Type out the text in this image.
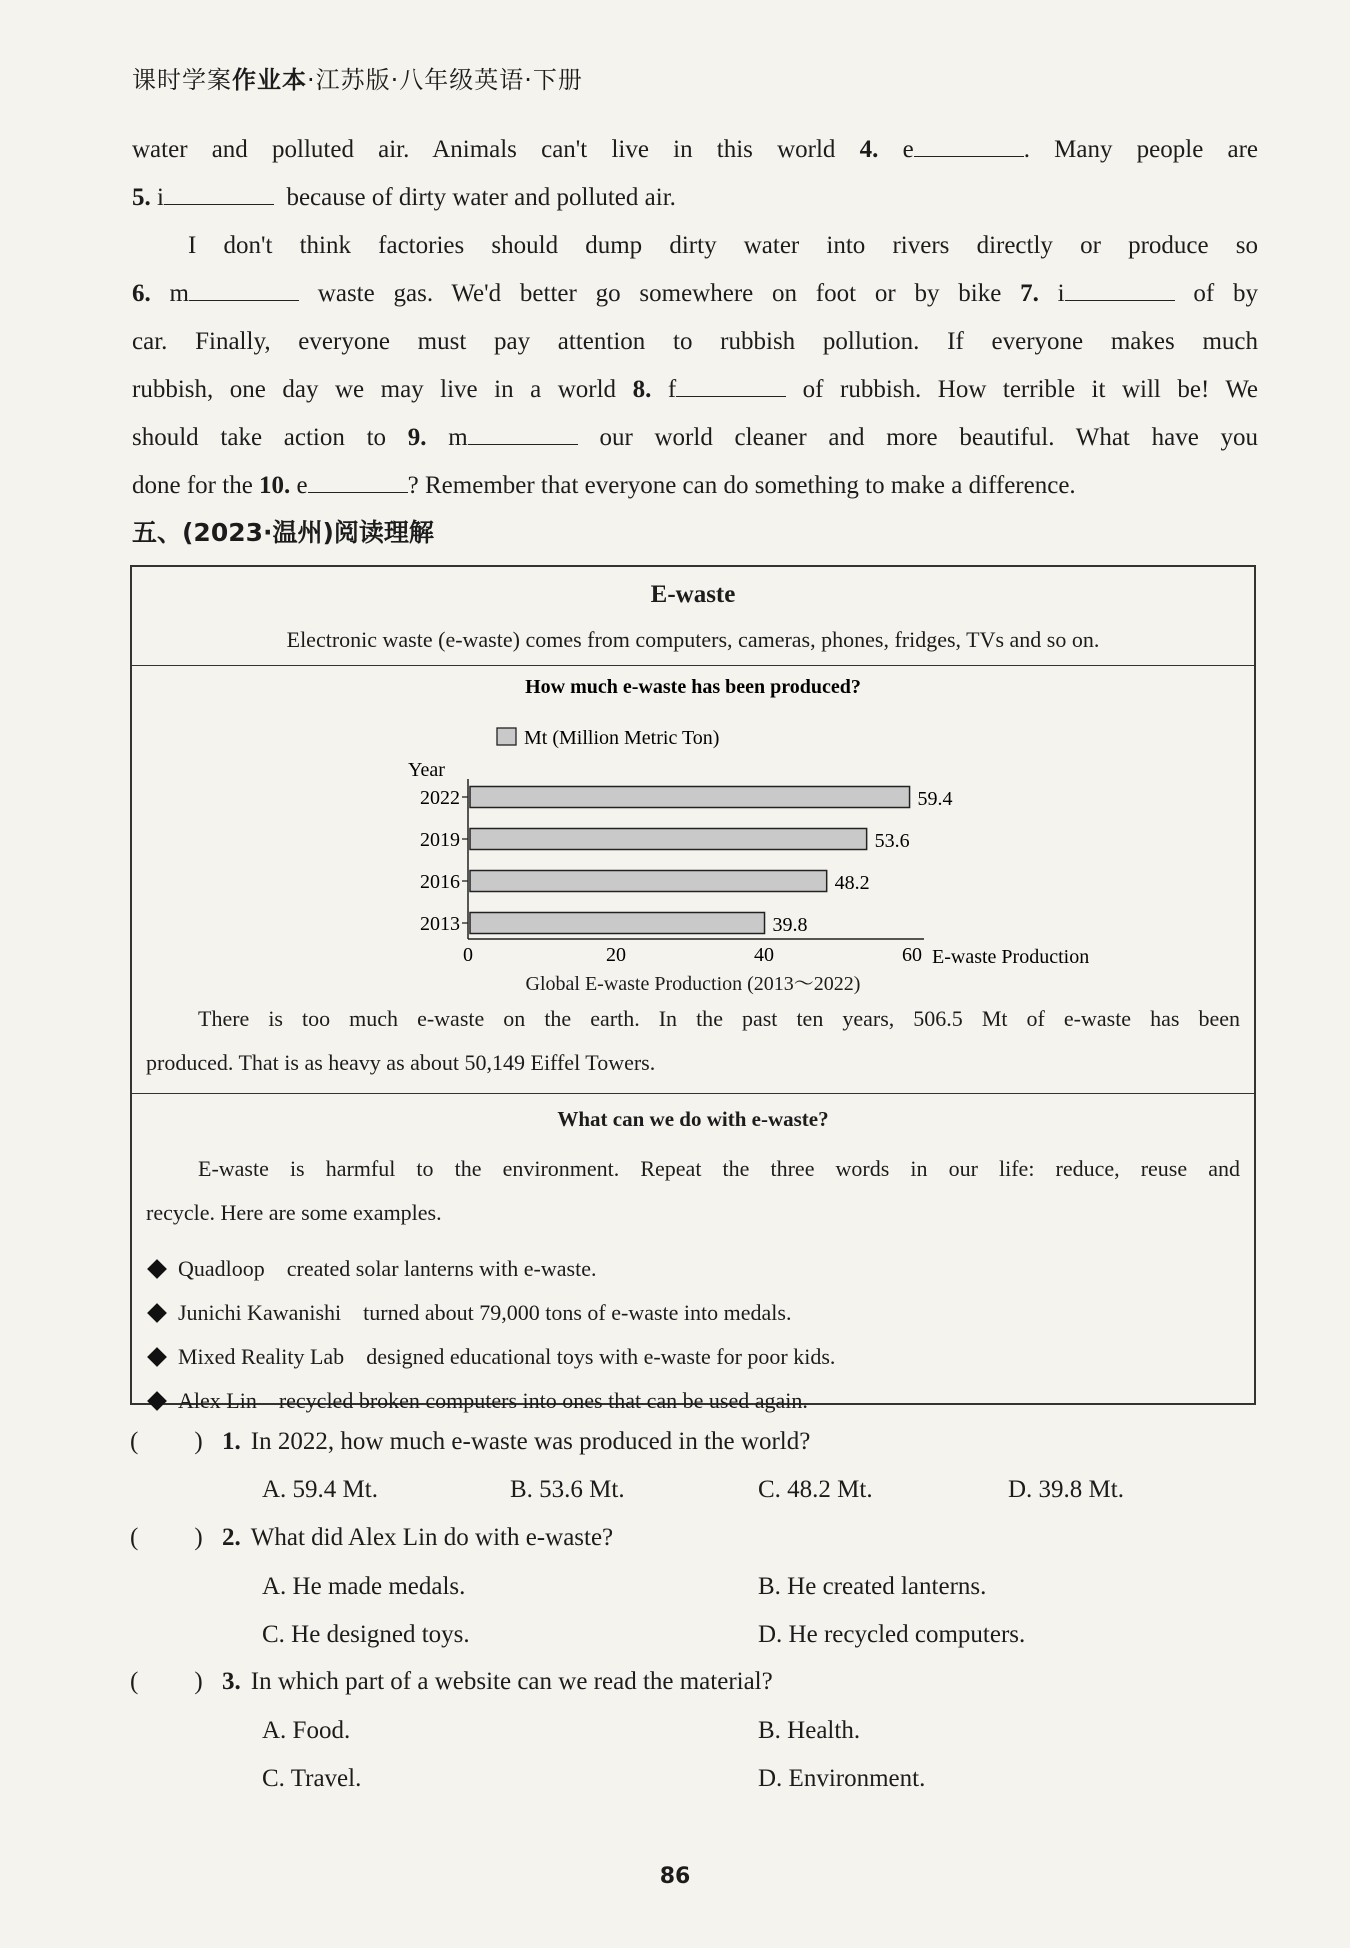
课时学案作业本·江苏版·八年级英语·下册
water and polluted air. Animals can't live in this world 4. e	. Many people are
5. i	because of dirty water and polluted air.
I don't think factories should dump dirty water into rivers directly or produce so
6. m	waste gas. We'd better go somewhere on foot or by bike 7. i	of by
car. Finally, everyone must pay attention to rubbish pollution. If everyone makes much
rubbish, one day we may live in a world 8. f	of rubbish. How terrible it will be! We
should take action to 9. m	our world cleaner and more beautiful. What have you
done for the 10. e	? Remember that everyone can do something to make a difference.
五、(2023·温州)阅读理解
E-waste
Electronic waste (e-waste) comes from computers, cameras, phones, fridges, TVs and so on.
How much e-waste has been produced?
Mt (Million Metric Ton)
Year
2022	59.4
2019	53.6
2016	48.2
2013	39.8
0	20	40	60 E-waste Production
There is too much e-waste on the earth. In the past ten years, 506.5 Mt of e-waste has been
produced. That is as heavy as about 50,149 Eiffel Towers.
What can we do with e-waste?
E-waste is harmful to the environment. Repeat the three words in our life: reduce, reuse and
recycle. Here are some examples.
Quadloop created solar lanterns with e-waste.
Junichi Kawanishi turned about 79,000 tons of e-waste into medals.
Mixed Reality Lab designed educational toys with e-waste for poor kids.
Alex Lin recycled broken computers into ones that can be used again.
Global E-waste Production (2013～2022)
( ) 1. In 2022, how much e-waste was produced in the world?
A. 59.4 Mt.	B. 53.6 Mt.	C. 48.2 Mt.	D. 39.8 Mt.
( ) 2. What did Alex Lin do with e-waste?
A. He made medals.	B. He created lanterns.
C. He designed toys.	D. He recycled computers.
( ) 3. In which part of a website can we read the material?
A. Food.	B. Health.
C. Travel.	D. Environment.
86
